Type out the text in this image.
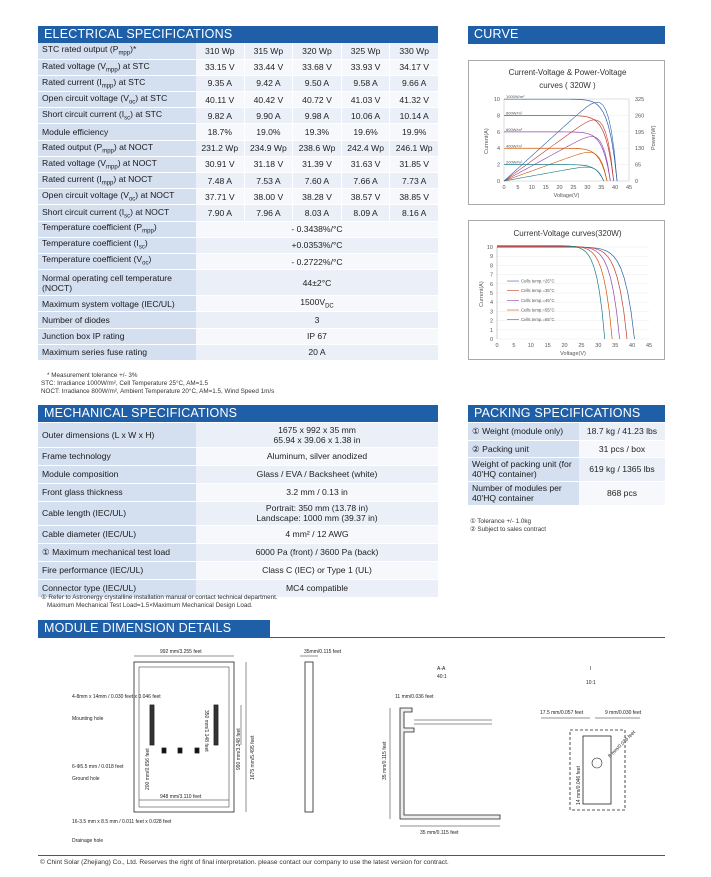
ELECTRICAL SPECIFICATIONS
STC rated output $(P_{mpp})*$	310 Wp	315 Wp	320 Wp	325 Wp	330 Wp
Rated voltage $(V_{mpp})$ at STC	33.15 V	33.44 V	33.68 V	33.93 V	34.17 V
Rated current $(I_{mpp})$ at STC	9.35 A	9.42 A	9.50 A	9.58 A	9.66 A
Open circuit voltage $(V_{oc})$ at STC	40.11 V	40.42 V	40.72 V	41.03 V	41.32 V
Short circuit current $(I_{sc})$ at STC	9.82 A	9.90 A	9.98 A	10.06 A	10.14 A
Module efficiency	18.7%	19.0%	19.3%	19.6%	19.9%
Rated output $(P_{mpp})$ at NOCT	231.2 Wp	234.9 Wp	238.6 Wp	242.4 Wp	246.1 Wp
Rated voltage $(V_{mpp})$ at NOCT	30.91 V	31.18 V	31.39 V	31.63 V	31.85 V
Rated current $(I_{mpp})$ at NOCT	7.48 A	7.53 A	7.60 A	7.66 A	7.73 A
Open circuit voltage $(V_{oc})$ at NOCT	37.71 V	38.00 V	38.28 V	38.57 V	38.85 V
Short circuit current $(I_{sc})$ at NOCT	7.90 A	7.96 A	8.03 A	8.09 A	8.16 A
Temperature coefficient $(P_{mpp})$	- 0.3438%/°C				
Temperature coefficient $(I_{sc})$	+0.0353%/°C				
Temperature coefficient $(V_{oc})$	- 0.2722%/°C				
Normal operating cell temperature (NOCT)	44±2°C				
Maximum system voltage (IEC/UL)	$1500V_{DC}$
Number of diodes	3				
Junction box IP rating	IP 67				
Maximum series fuse rating	20 A				
* Measurement tolerance +/- 3%
STC: Irradiance 1000W/m², Cell Temperature 25°C, AM=1.5
NOCT: Irradiance 800W/m², Ambient Temperature 20°C, AM=1.5, Wind Speed 1m/s
CURVE
Current-Voltage & Power-Voltage
curves ( 320W )
0 5 10 15 20 25 30 35 40 45
0
2
4
6
8
10
0
65
130
195
260
325
Voltage(V)
Current(A)	Power(W)
1000W/m²
800W/m²
600W/m²
400W/m²
200W/m²
Current-Voltage curves(320W)
0	5 10 15 20 25 30 35 40 45
0
1
2
3
4
5
6
7
8
9
10
Voltage(V)
Current(A)
Cells temp.=25°C
Cells temp.=35°C
Cells temp.=45°C
Cells temp.=55°C
Cells temp.=65°C
MECHANICAL SPECIFICATIONS
Outer dimensions (L x W x H)	1675 x 992 x 35 mm
65.94 x 39.06 x 1.38 in
Frame technology	Aluminum, silver anodized
Module composition	Glass / EVA / Backsheet (white)
Front glass thickness	3.2 mm / 0.13 in
Cable length (IEC/UL)	Portrait: 350 mm (13.78 in)
Landscape: 1000 mm (39.37 in)
Cable diameter (IEC/UL)	4 mm² / 12 AWG
① Maximum mechanical test load	6000 Pa (front) / 3600 Pa (back)
Fire performance (IEC/UL)	Class C (IEC) or Type 1 (UL)
Connector type (IEC/UL)	MC4 compatible
① Refer to Astronergy crystalline installation manual or contact technical department.
Maximum Mechanical Test Load=1.5×Maximum Mechanical Design Load.
PACKING SPECIFICATIONS
① Weight (module only)	18.7 kg / 41.23 lbs
② Packing unit	31 pcs / box
Weight of packing unit (for 40'HQ container)	619 kg / 1365 lbs
Number of modules per 40'HQ container	868 pcs
① Tolerance +/- 1.0kg
② Subject to sales contract
MODULE DIMENSION DETAILS
992 mm/3.255 feet
4-8mm x 14mm / 0.030 feet x 0.046 feet
Mounting hole
6-Φ5.5 mm / 0.018 feet
Ground hole
16-3.5 mm x 8.5 mm / 0.011 feet x 0.028 feet
Drainage hole
948 mm/3.110 feet
1675 mm/5.495 feet
990 mm/3.248 feet
200 mm/0.656 feet
350 mm/1.148 feet
35mm/0.115 feet
A-A
40:1
11 mm/0.036 feet
35 mm/0.115 feet
35 mm/0.115 feet
I
10:1
17.5 mm/0.057 feet	9 mm/0.030 feet
14 mm/0.046 feet
8 mm/0.026 feet
© Chint Solar (Zhejiang) Co., Ltd. Reserves the right of final interpretation. please contact our company to use the latest version for contract.
